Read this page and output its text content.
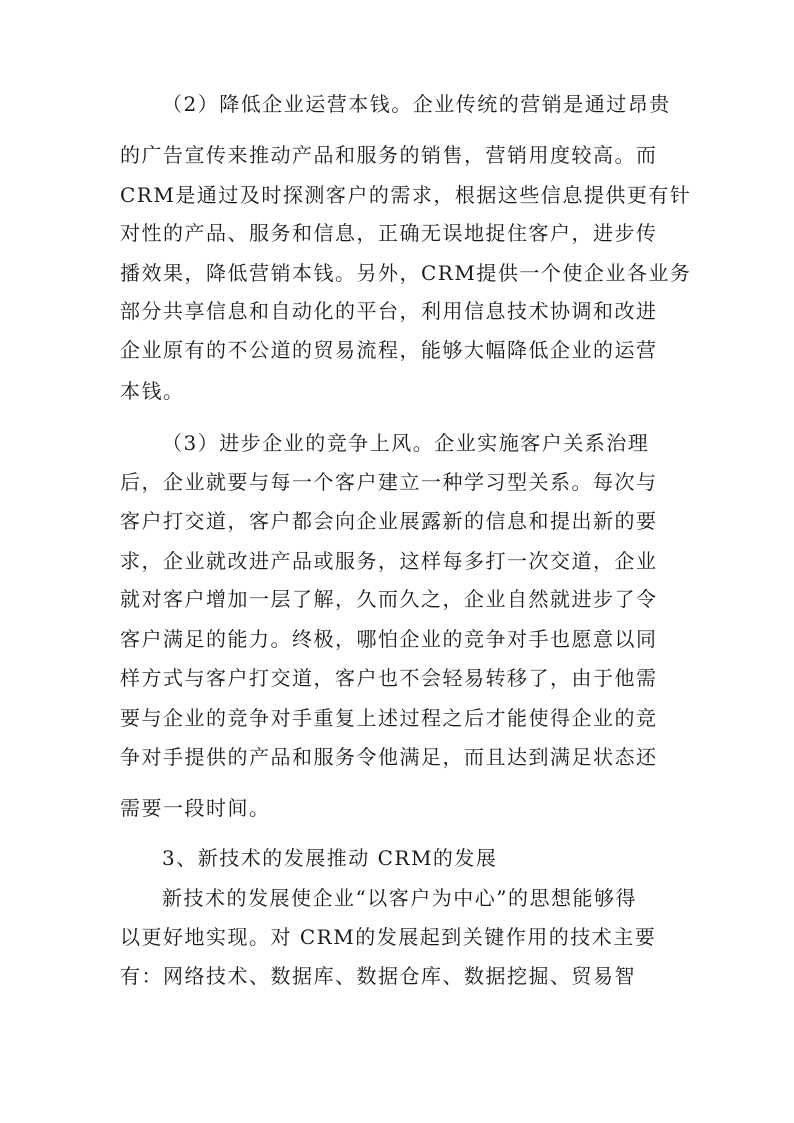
（2）降低企业运营本钱。企业传统的营销是通过昂贵
的广告宣传来推动产品和服务的销售，营销用度较高。而
CRM是通过及时探测客户的需求，根据这些信息提供更有针
对性的产品、服务和信息，正确无误地捉住客户，进步传
播效果，降低营销本钱。另外，CRM提供一个使企业各业务
部分共享信息和自动化的平台，利用信息技术协调和改进
企业原有的不公道的贸易流程，能够大幅降低企业的运营
本钱。
（3）进步企业的竞争上风。企业实施客户关系治理
后，企业就要与每一个客户建立一种学习型关系。每次与
客户打交道，客户都会向企业展露新的信息和提出新的要
求，企业就改进产品或服务，这样每多打一次交道，企业
就对客户增加一层了解，久而久之，企业自然就进步了令
客户满足的能力。终极，哪怕企业的竞争对手也愿意以同
样方式与客户打交道，客户也不会轻易转移了，由于他需
要与企业的竞争对手重复上述过程之后才能使得企业的竞
争对手提供的产品和服务令他满足，而且达到满足状态还
需要一段时间。
3、新技术的发展推动 CRM的发展
新技术的发展使企业“以客户为中心”的思想能够得
以更好地实现。对 CRM的发展起到关键作用的技术主要
有：网络技术、数据库、数据仓库、数据挖掘、贸易智
